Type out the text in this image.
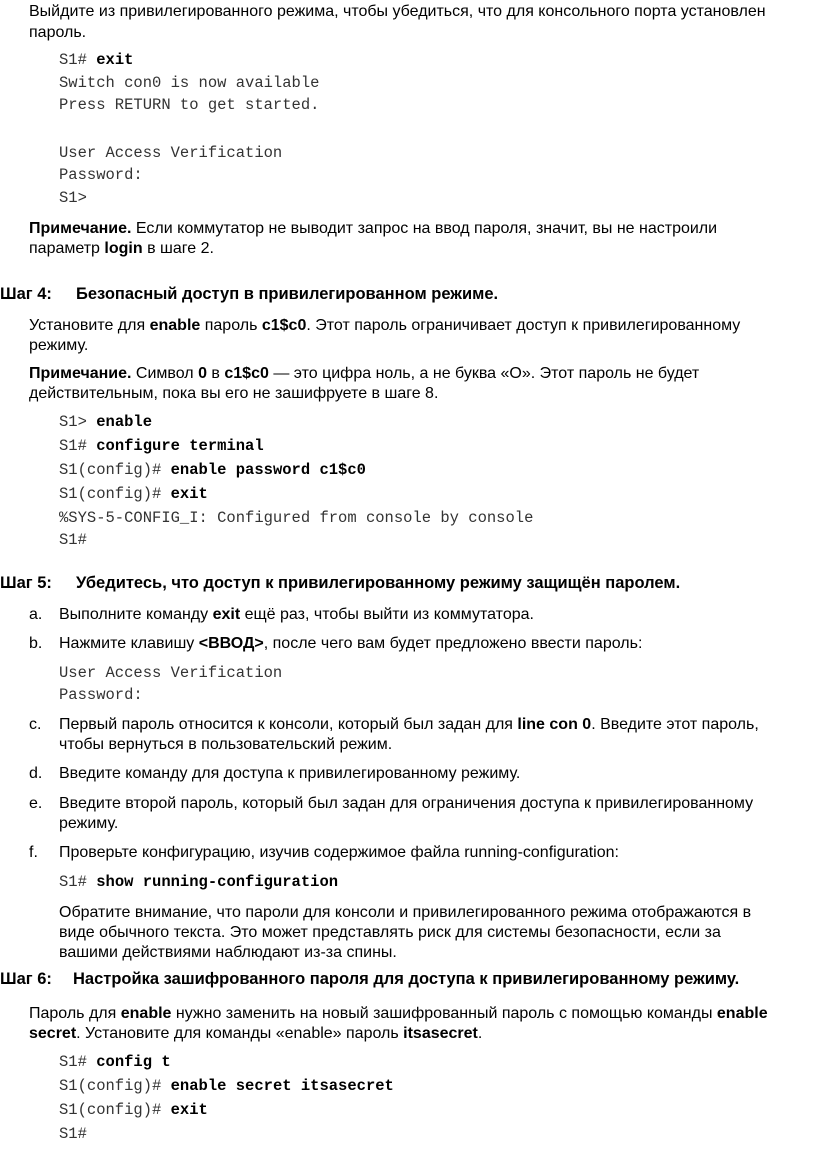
Выйдите из привилегированного режима, чтобы убедиться, что для консольного порта установлен
пароль.
S1# exit
Switch con0 is now available
Press RETURN to get started.
User Access Verification
Password:
S1>
Примечание. Если коммутатор не выводит запрос на ввод пароля, значит, вы не настроили
параметр login в шаге 2.
Шаг 4: Безопасный доступ в привилегированном режиме.
Установите для enable пароль c1$c0. Этот пароль ограничивает доступ к привилегированному
режиму.
Примечание. Символ 0 в c1$c0 — это цифра ноль, а не буква «О». Этот пароль не будет
действительным, пока вы его не зашифруете в шаге 8.
S1> enable
S1# configure terminal
S1(config)# enable password c1$c0
S1(config)# exit
%SYS-5-CONFIG_I: Configured from console by console
S1#
Шаг 5: Убедитесь, что доступ к привилегированному режиму защищён паролем.
a. Выполните команду exit ещё раз, чтобы выйти из коммутатора.
b. Нажмите клавишу <ВВОД>, после чего вам будет предложено ввести пароль:
User Access Verification
Password:
c. Первый пароль относится к консоли, который был задан для line con 0. Введите этот пароль,
чтобы вернуться в пользовательский режим.
d. Введите команду для доступа к привилегированному режиму.
e. Введите второй пароль, который был задан для ограничения доступа к привилегированному
режиму.
f. Проверьте конфигурацию, изучив содержимое файла running-configuration:
S1# show running-configuration
Обратите внимание, что пароли для консоли и привилегированного режима отображаются в
виде обычного текста. Это может представлять риск для системы безопасности, если за
вашими действиями наблюдают из-за спины.
Шаг 6: Настройка зашифрованного пароля для доступа к привилегированному режиму.
Пароль для enable нужно заменить на новый зашифрованный пароль с помощью команды enable
secret. Установите для команды «enable» пароль itsasecret.
S1# config t
S1(config)# enable secret itsasecret
S1(config)# exit
S1#
